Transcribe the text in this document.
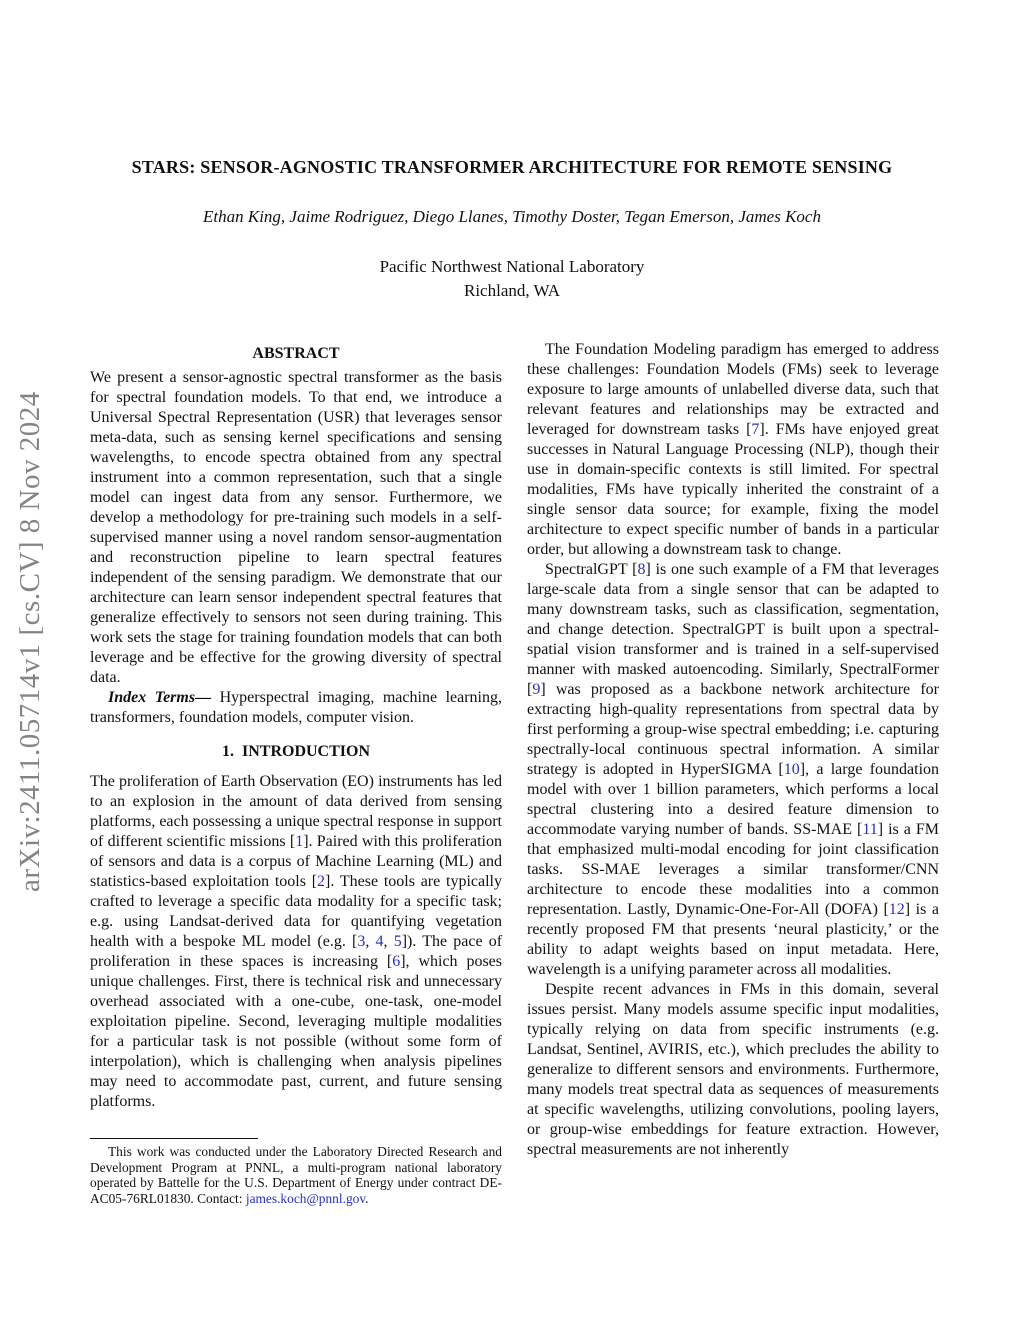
arXiv:2411.05714v1 [cs.CV] 8 Nov 2024
STARS: SENSOR-AGNOSTIC TRANSFORMER ARCHITECTURE FOR REMOTE SENSING
Ethan King, Jaime Rodriguez, Diego Llanes, Timothy Doster, Tegan Emerson, James Koch
Pacific Northwest National Laboratory
Richland, WA
ABSTRACT

We present a sensor-agnostic spectral transformer as the basis for spectral foundation models. To that end, we introduce a Universal Spectral Representation (USR) that leverages sensor meta-data, such as sensing kernel specifications and sensing wavelengths, to encode spectra obtained from any spectral instrument into a common representation, such that a single model can ingest data from any sensor. Furthermore, we develop a methodology for pre-training such models in a self-supervised manner using a novel random sensor-augmentation and reconstruction pipeline to learn spectral features independent of the sensing paradigm. We demonstrate that our architecture can learn sensor independent spectral features that generalize effectively to sensors not seen during training. This work sets the stage for training foundation models that can both leverage and be effective for the growing diversity of spectral data.

Index Terms— Hyperspectral imaging, machine learning, transformers, foundation models, computer vision.

1.  INTRODUCTION

The proliferation of Earth Observation (EO) instruments has led to an explosion in the amount of data derived from sensing platforms, each possessing a unique spectral response in support of different scientific missions [1]. Paired with this proliferation of sensors and data is a corpus of Machine Learning (ML) and statistics-based exploitation tools [2]. These tools are typically crafted to leverage a specific data modality for a specific task; e.g. using Landsat-derived data for quantifying vegetation health with a bespoke ML model (e.g. [3, 4, 5]). The pace of proliferation in these spaces is increasing [6], which poses unique challenges. First, there is technical risk and unnecessary overhead associated with a one-cube, one-task, one-model exploitation pipeline. Second, leveraging multiple modalities for a particular task is not possible (without some form of interpolation), which is challenging when analysis pipelines may need to accommodate past, current, and future sensing platforms.

The Foundation Modeling paradigm has emerged to address these challenges: Foundation Models (FMs) seek to leverage exposure to large amounts of unlabelled diverse data, such that relevant features and relationships may be extracted and leveraged for downstream tasks [7]. FMs have enjoyed great successes in Natural Language Processing (NLP), though their use in domain-specific contexts is still limited. For spectral modalities, FMs have typically inherited the constraint of a single sensor data source; for example, fixing the model architecture to expect specific number of bands in a particular order, but allowing a downstream task to change.

SpectralGPT [8] is one such example of a FM that leverages large-scale data from a single sensor that can be adapted to many downstream tasks, such as classification, segmentation, and change detection. SpectralGPT is built upon a spectral-spatial vision transformer and is trained in a self-supervised manner with masked autoencoding. Similarly, SpectralFormer [9] was proposed as a backbone network architecture for extracting high-quality representations from spectral data by first performing a group-wise spectral embedding; i.e. capturing spectrally-local continuous spectral information. A similar strategy is adopted in HyperSIGMA [10], a large foundation model with over 1 billion parameters, which performs a local spectral clustering into a desired feature dimension to accommodate varying number of bands. SS-MAE [11] is a FM that emphasized multi-modal encoding for joint classification tasks. SS-MAE leverages a similar transformer/CNN architecture to encode these modalities into a common representation. Lastly, Dynamic-One-For-All (DOFA) [12] is a recently proposed FM that presents ‘neural plasticity,’ or the ability to adapt weights based on input metadata. Here, wavelength is a unifying parameter across all modalities.

Despite recent advances in FMs in this domain, several issues persist. Many models assume specific input modalities, typically relying on data from specific instruments (e.g. Landsat, Sentinel, AVIRIS, etc.), which precludes the ability to generalize to different sensors and environments. Furthermore, many models treat spectral data as sequences of measurements at specific wavelengths, utilizing convolutions, pooling layers, or group-wise embeddings for feature extraction. However, spectral measurements are not inherently

This work was conducted under the Laboratory Directed Research and Development Program at PNNL, a multi-program national laboratory operated by Battelle for the U.S. Department of Energy under contract DE-AC05-76RL01830. Contact: james.koch@pnnl.gov.
